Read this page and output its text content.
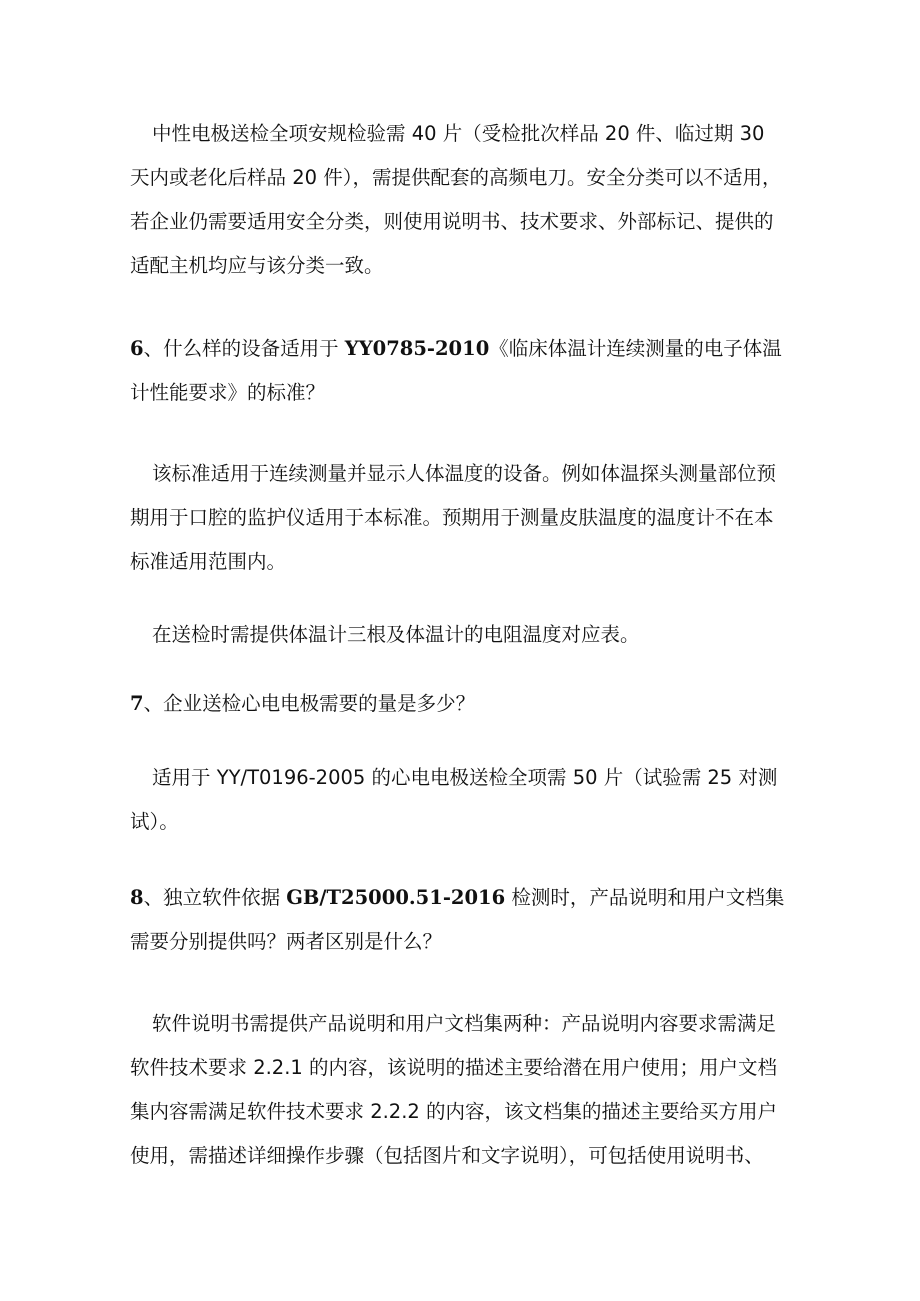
中性电极送检全项安规检验需 40 片（受检批次样品 20 件、临过期 30
天内或老化后样品 20 件），需提供配套的高频电刀。安全分类可以不适用，
若企业仍需要适用安全分类，则使用说明书、技术要求、外部标记、提供的
适配主机均应与该分类一致。
6、什么样的设备适用于 YY0785-2010《临床体温计连续测量的电子体温
计性能要求》的标准？
该标准适用于连续测量并显示人体温度的设备。例如体温探头测量部位预
期用于口腔的监护仪适用于本标准。预期用于测量皮肤温度的温度计不在本
标准适用范围内。
在送检时需提供体温计三根及体温计的电阻温度对应表。
7、企业送检心电电极需要的量是多少？
适用于 YY/T0196-2005 的心电电极送检全项需 50 片（试验需 25 对测
试）。
8、独立软件依据 GB/T25000.51-2016 检测时，产品说明和用户文档集
需要分别提供吗？两者区别是什么？
软件说明书需提供产品说明和用户文档集两种：产品说明内容要求需满足
软件技术要求 2.2.1 的内容，该说明的描述主要给潜在用户使用；用户文档
集内容需满足软件技术要求 2.2.2 的内容，该文档集的描述主要给买方用户
使用，需描述详细操作步骤（包括图片和文字说明），可包括使用说明书、
